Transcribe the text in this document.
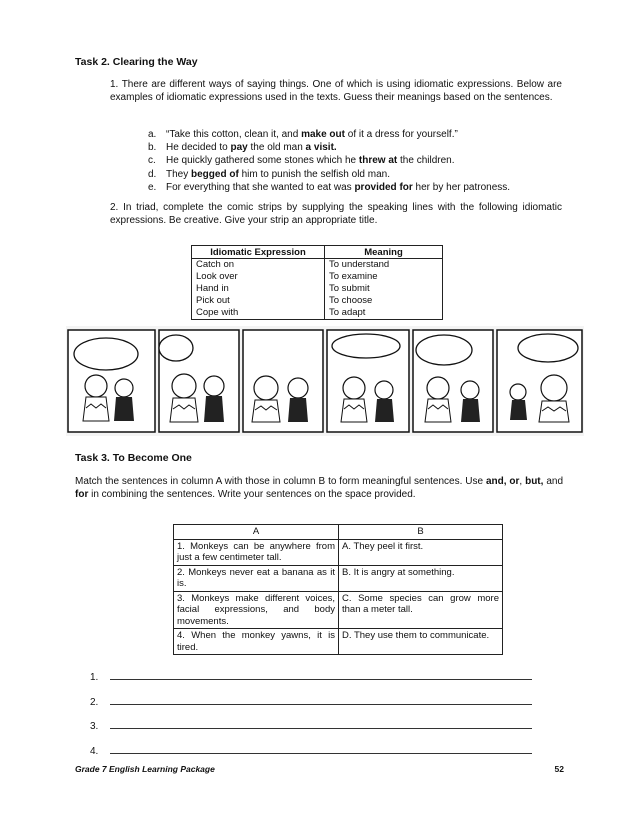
Task 2. Clearing the Way
1. There are different ways of saying things. One of which is using idiomatic expressions. Below are examples of idiomatic expressions used in the texts. Guess their meanings based on the sentences.
a. “Take this cotton, clean it, and make out of it a dress for yourself.”
b. He decided to pay the old man a visit.
c.	He quickly gathered some stones which he threw at the children.
d. They begged of him to punish the selfish old man.
e. For everything that she wanted to eat was provided for her by her patroness.
2. In triad, complete the comic strips by supplying the speaking lines with the following idiomatic expressions. Be creative. Give your strip an appropriate title.
Idiomatic Expression	Meaning
Catch on	To understand
Look over	To examine
Hand in	To submit
Pick out	To choose
Cope with	To adapt
Task 3. To Become One
Match the sentences in column A with those in column B to form meaningful sentences. Use and, or, but, and for in combining the sentences. Write your sentences on the space provided.
A	B
1. Monkeys can be anywhere from just a few centimeter tall.	A. They peel it first.
2. Monkeys never eat a banana as it is.	B. It is angry at something.
3. Monkeys make different voices, facial expressions, and body movements.	C. Some species can grow more than a meter tall.
4. When the monkey yawns, it is tired.	D. They use them to communicate.
1.
2.
3.
4.
Grade 7 English Learning Package	52
